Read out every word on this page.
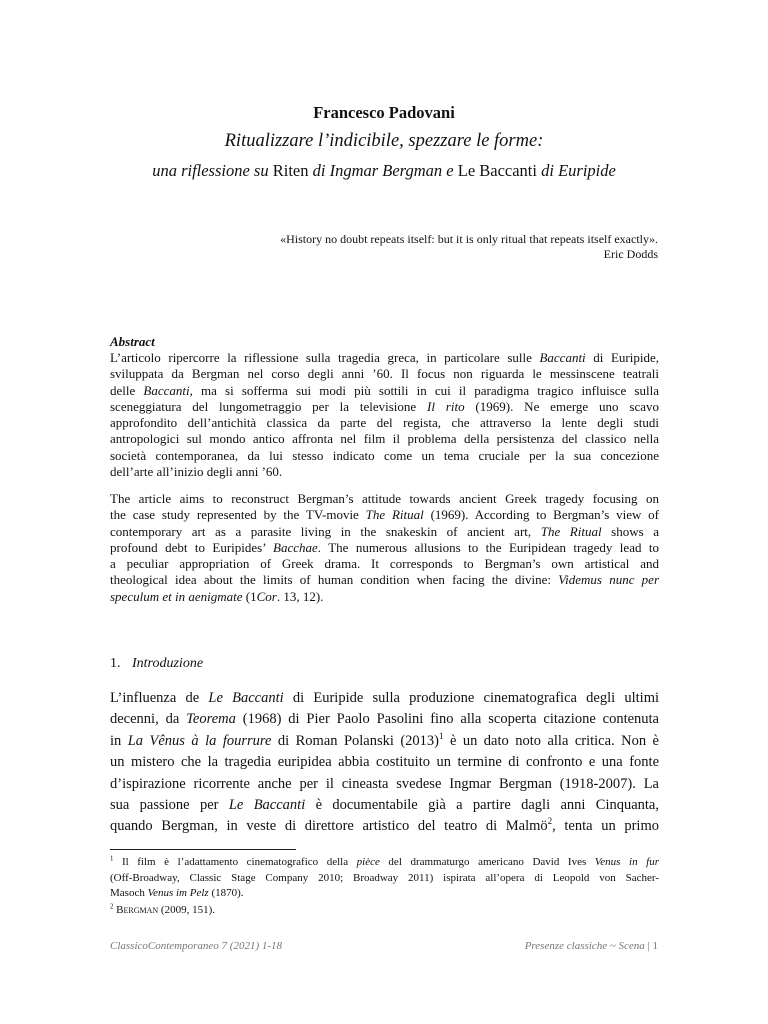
Francesco Padovani
Ritualizzare l’indicibile, spezzare le forme:
una riflessione su Riten di Ingmar Bergman e Le Baccanti di Euripide
«History no doubt repeats itself: but it is only ritual that repeats itself exactly».
Eric Dodds
Abstract
L’articolo ripercorre la riflessione sulla tragedia greca, in particolare sulle Baccanti di Euripide,
sviluppata da Bergman nel corso degli anni ’60. Il focus non riguarda le messinscene teatrali
delle Baccanti, ma si sofferma sui modi più sottili in cui il paradigma tragico influisce sulla
sceneggiatura del lungometraggio per la televisione Il rito (1969). Ne emerge uno scavo
approfondito dell’antichità classica da parte del regista, che attraverso la lente degli studi
antropologici sul mondo antico affronta nel film il problema della persistenza del classico nella
società contemporanea, da lui stesso indicato come un tema cruciale per la sua concezione
dell’arte all’inizio degli anni ’60.
The article aims to reconstruct Bergman’s attitude towards ancient Greek tragedy focusing on
the case study represented by the TV-movie The Ritual (1969). According to Bergman’s view of
contemporary art as a parasite living in the snakeskin of ancient art, The Ritual shows a
profound debt to Euripides’ Bacchae. The numerous allusions to the Euripidean tragedy lead to
a peculiar appropriation of Greek drama. It corresponds to Bergman’s own artistical and
theological idea about the limits of human condition when facing the divine: Videmus nunc per
speculum et in aenigmate (1Cor. 13, 12).
1. Introduzione
L’influenza de Le Baccanti di Euripide sulla produzione cinematografica degli ultimi
decenni, da Teorema (1968) di Pier Paolo Pasolini fino alla scoperta citazione contenuta
in La Vênus à la fourrure di Roman Polanski $(2013)^1$ è un dato noto alla critica. Non è
un mistero che la tragedia euripidea abbia costituito un termine di confronto e una fonte
d’ispirazione ricorrente anche per il cineasta svedese Ingmar Bergman (1918-2007). La
sua passione per Le Baccanti è documentabile già a partire dagli anni Cinquanta,
quando Bergman, in veste di direttore artistico del teatro di Malmö$^2$, tenta un primo
$^1$ Il film è l’adattamento cinematografico della pièce del drammaturgo americano David Ives Venus in fur
(Off-Broadway, Classic Stage Company 2010; Broadway 2011) ispirata all’opera di Leopold von Sacher-
Masoch Venus im Pelz (1870).
$^2$ Bergman (2009, 151).
ClassicoContemporaneo 7 (2021) 1-18	Presenze classiche ~ Scena | 1
